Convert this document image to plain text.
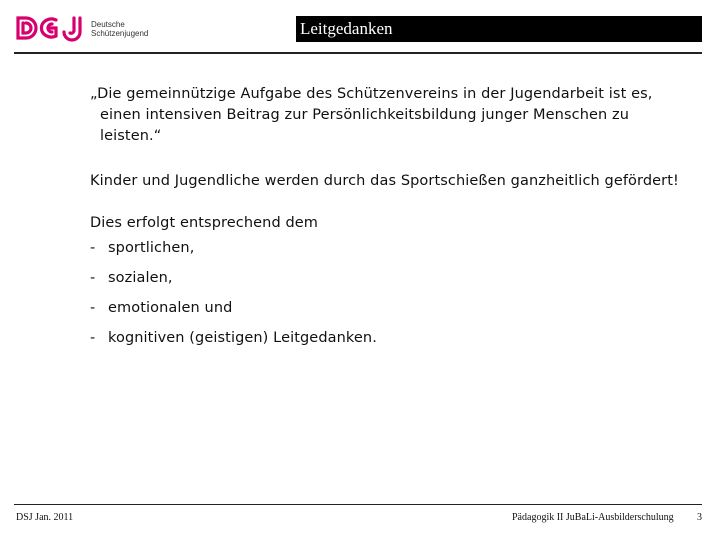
Deutsche
Schützenjugend	Leitgedanken

„Die gemeinnützige Aufgabe des Schützenvereins in der Jugendarbeit ist es,
einen intensiven Beitrag zur Persönlichkeitsbildung junger Menschen zu
leisten.“

Kinder und Jugendliche werden durch das Sportschießen ganzheitlich gefördert!
Dies erfolgt entsprechend dem
- sportlichen,
- sozialen,
- emotionalen und
- kognitiven (geistigen) Leitgedanken.
DSJ Jan. 2011	Pädagogik II JuBaLi-Ausbilderschulung 3
